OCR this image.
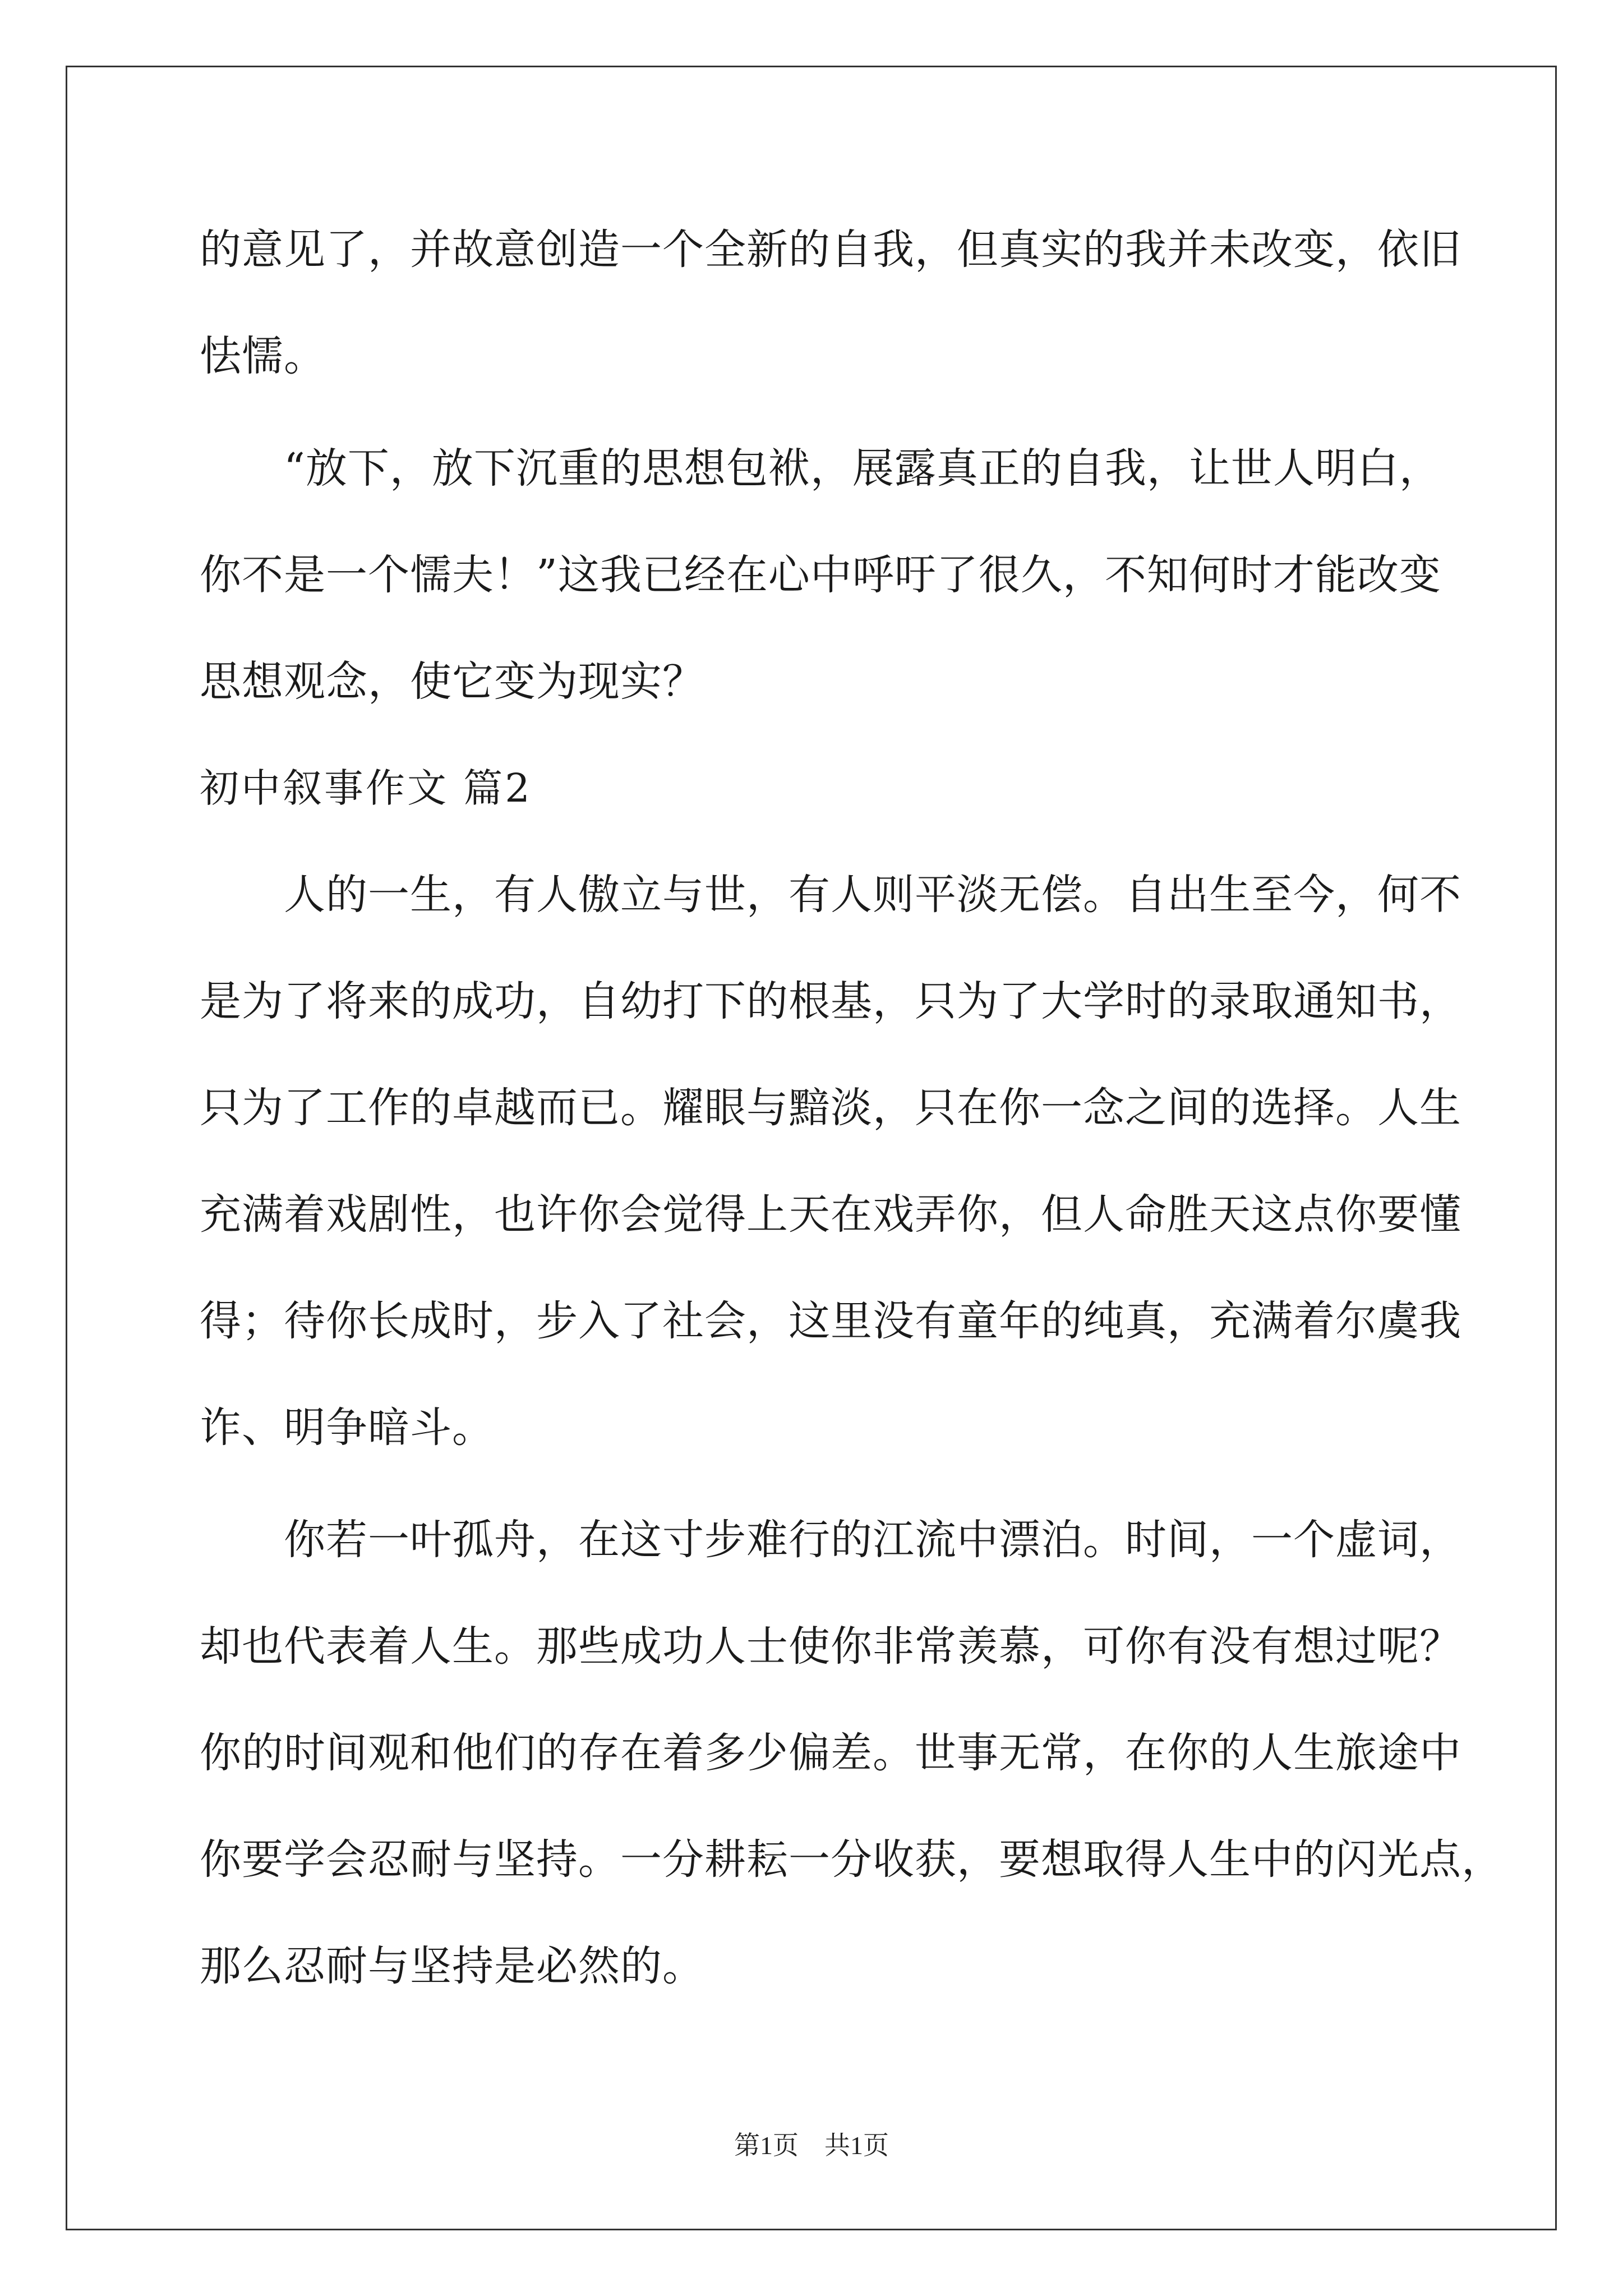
的意见了，并故意创造一个全新的自我，但真实的我并未改变，依旧
怯懦。
“放下，放下沉重的思想包袱，展露真正的自我，让世人明白，
你不是一个懦夫！”这我已经在心中呼吁了很久，不知何时才能改变
思想观念，使它变为现实？
初中叙事作文 篇2
人的一生，有人傲立与世，有人则平淡无偿。自出生至今，何不
是为了将来的成功，自幼打下的根基，只为了大学时的录取通知书，
只为了工作的卓越而已。耀眼与黯淡，只在你一念之间的选择。人生
充满着戏剧性，也许你会觉得上天在戏弄你，但人命胜天这点你要懂
得；待你长成时，步入了社会，这里没有童年的纯真，充满着尔虞我
诈、明争暗斗。
你若一叶孤舟，在这寸步难行的江流中漂泊。时间，一个虚词，
却也代表着人生。那些成功人士使你非常羡慕，可你有没有想过呢？
你的时间观和他们的存在着多少偏差。世事无常，在你的人生旅途中
你要学会忍耐与坚持。一分耕耘一分收获，要想取得人生中的闪光点，
那么忍耐与坚持是必然的。
第1页　共1页
